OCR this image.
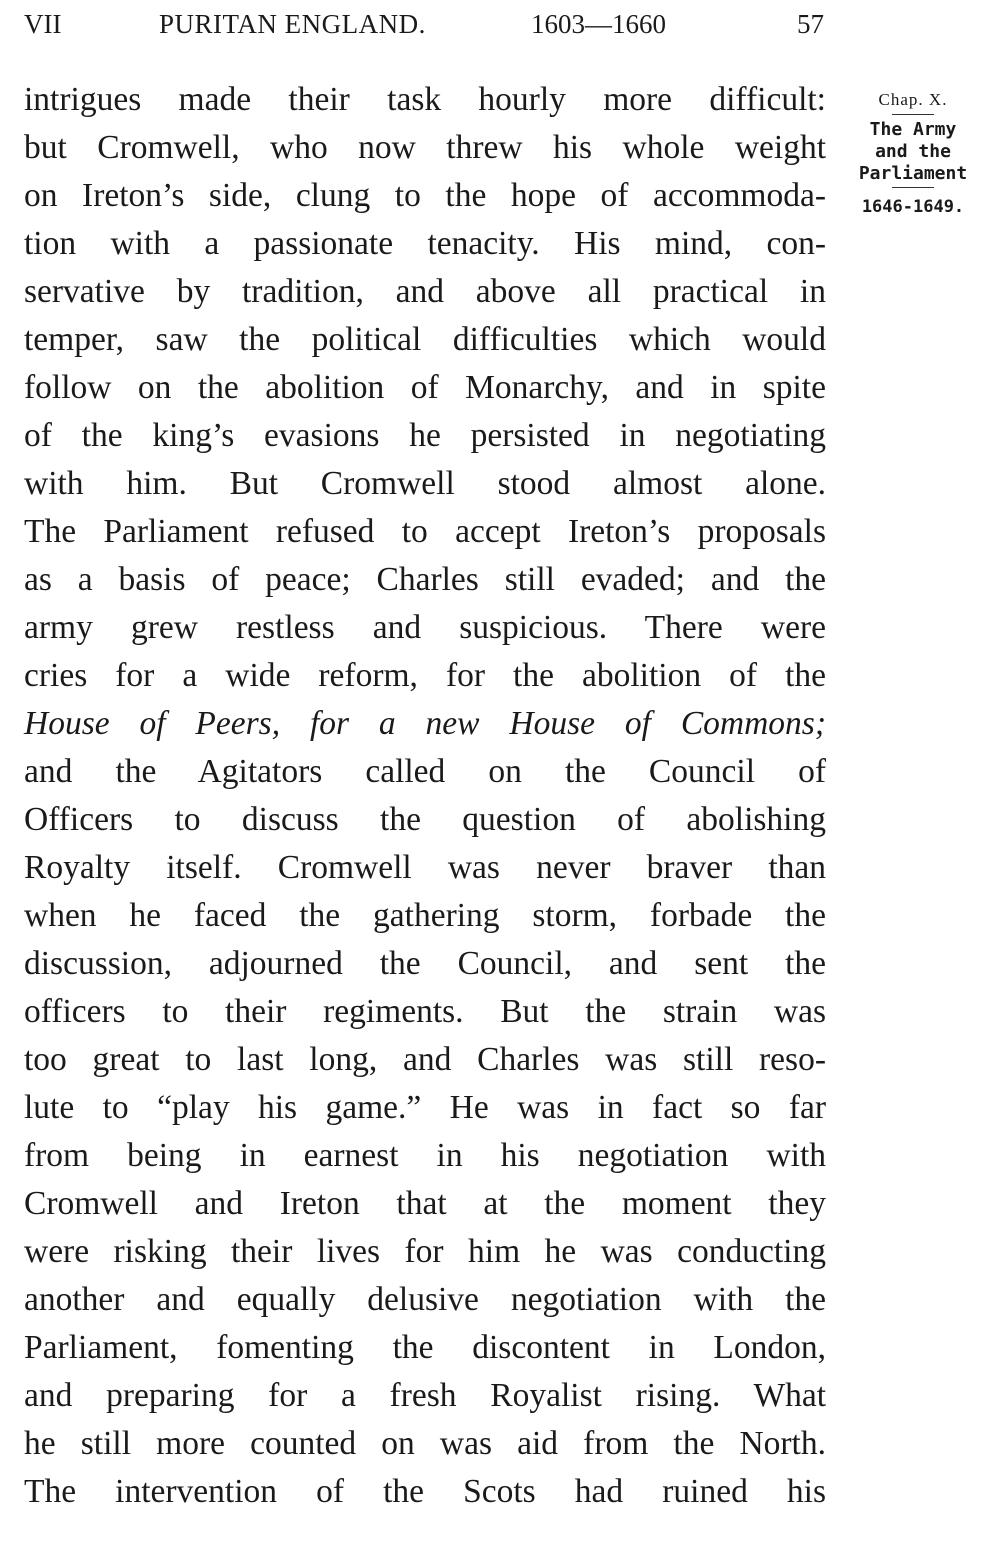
VII	PURITAN ENGLAND.	1603—1660	57
intrigues made their task hourly more difficult:
but Cromwell, who now threw his whole weight
on Ireton’s side, clung to the hope of accommoda-
tion with a passionate tenacity. His mind, con-
servative by tradition, and above all practical in
temper, saw the political difficulties which would
follow on the abolition of Monarchy, and in spite
of the king’s evasions he persisted in negotiating
with him. But Cromwell stood almost alone.
The Parliament refused to accept Ireton’s proposals
as a basis of peace; Charles still evaded; and the
army grew restless and suspicious. There were
cries for a wide reform, for the abolition of the
House of Peers, for a new House of Commons;
and the Agitators called on the Council of
Officers to discuss the question of abolishing
Royalty itself. Cromwell was never braver than
when he faced the gathering storm, forbade the
discussion, adjourned the Council, and sent the
officers to their regiments. But the strain was
too great to last long, and Charles was still reso-
lute to “play his game.” He was in fact so far
from being in earnest in his negotiation with
Cromwell and Ireton that at the moment they
were risking their lives for him he was conducting
another and equally delusive negotiation with the
Parliament, fomenting the discontent in London,
and preparing for a fresh Royalist rising. What
he still more counted on was aid from the North.
The intervention of the Scots had ruined his
Chap. X.
The Army
and the
Parliament
1646-1649.
